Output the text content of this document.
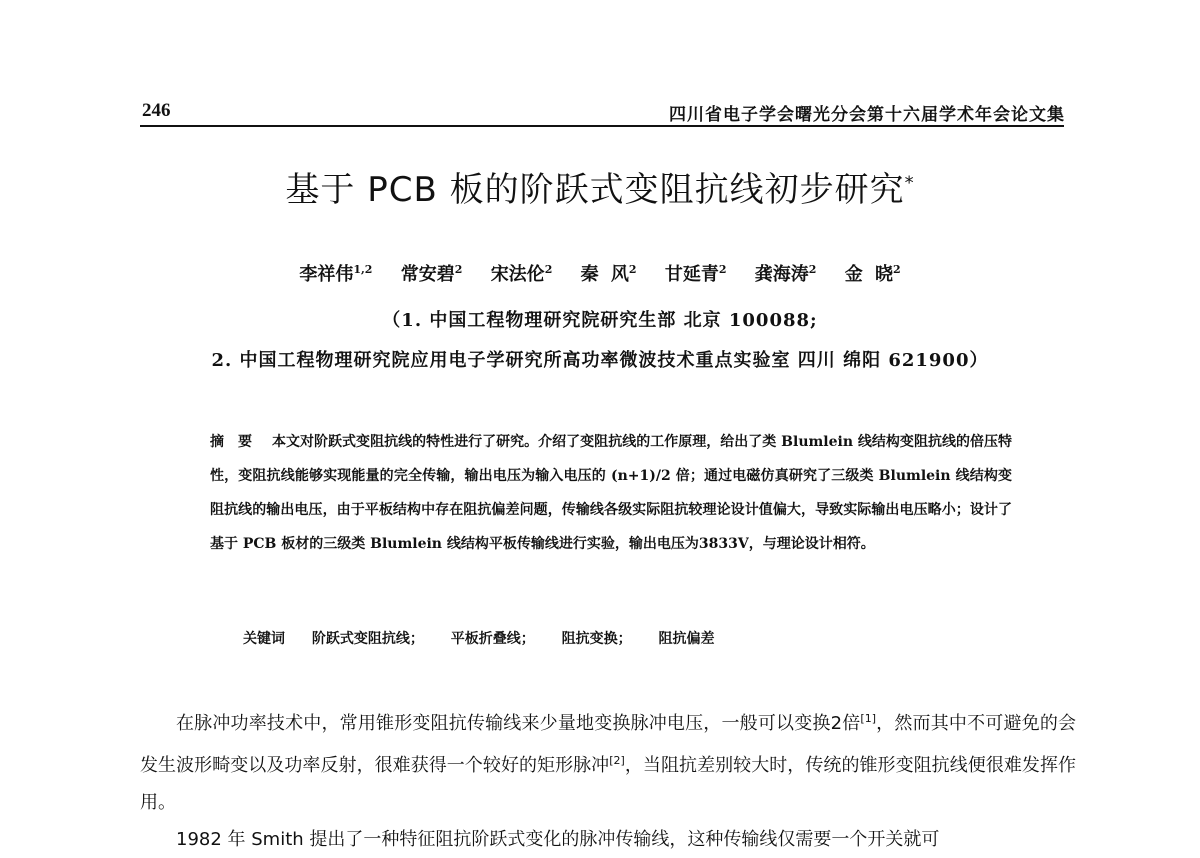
246	四川省电子学会曙光分会第十六届学术年会论文集
基于 PCB 板的阶跃式变阻抗线初步研究*
李祥伟$^{1,2}$ 常安碧$^2$ 宋法伦$^2$ 秦 风$^2$ 甘延青$^2$ 龚海涛$^2$ 金 晓$^2$
（1. 中国工程物理研究院研究生部 北京 100088;
2. 中国工程物理研究院应用电子学研究所高功率微波技术重点实验室 四川 绵阳 621900）
摘要 本文对阶跃式变阻抗线的特性进行了研究。介绍了变阻抗线的工作原理，给出了类 Blumlein 线结构变阻抗线的倍压特性，变阻抗线能够实现能量的完全传输，输出电压为输入电压的 (n+1)/2 倍；通过电磁仿真研究了三级类 Blumlein 线结构变阻抗线的输出电压，由于平板结构中存在阻抗偏差问题，传输线各级实际阻抗较理论设计值偏大，导致实际输出电压略小；设计了基于 PCB 板材的三级类 Blumlein 线结构平板传输线进行实验，输出电压为3833V，与理论设计相符。
关键词 阶跃式变阻抗线； 平板折叠线； 阻抗变换； 阻抗偏差

在脉冲功率技术中，常用锥形变阻抗传输线来少量地变换脉冲电压，一般可以变换2倍[1]，然而其中不可避免的会发生波形畸变以及功率反射，很难获得一个较好的矩形脉冲[2]，当阻抗差别较大时，传统的锥形变阻抗线便很难发挥作用。

1982 年 Smith 提出了一种特征阻抗阶跃式变化的脉冲传输线，这种传输线仅需要一个开关就可
